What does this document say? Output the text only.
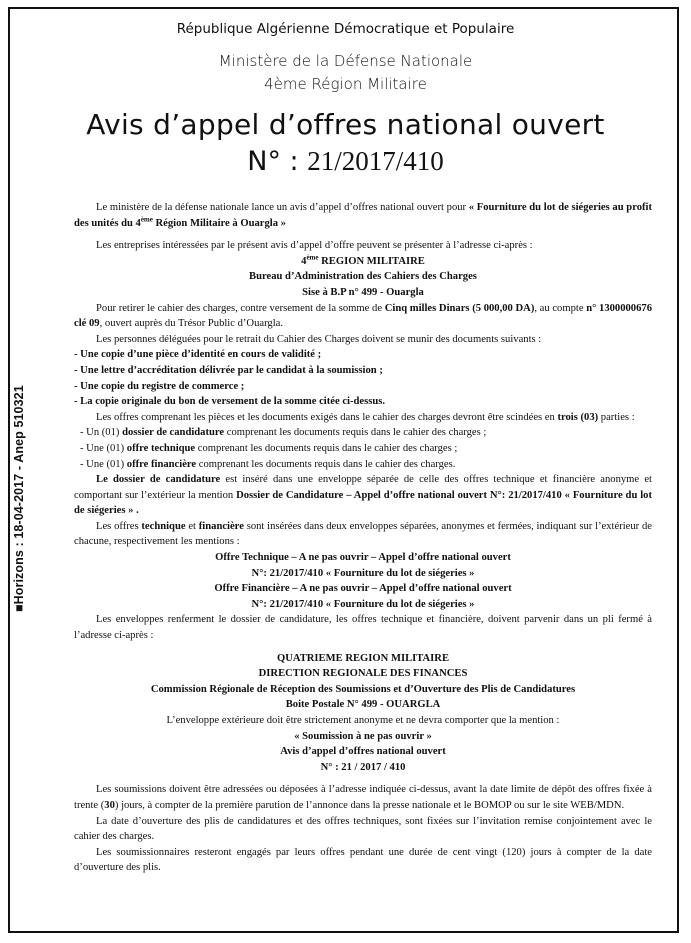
■Horizons : 18-04-2017 - Anep 510321
République Algérienne Démocratique et Populaire
Ministère de la Défense Nationale
4ème Région Militaire
Avis d’appel d’offres national ouvert
N° : 21/2017/410

Le ministère de la défense nationale lance un avis d’appel d’offres national ouvert pour « Fourniture du lot de siégeries au profit des unités du 4ème Région Militaire à Ouargla »

Les entreprises intéressées par le présent avis d’appel d’offre peuvent se présenter à l’adresse ci-après :

4ème REGION MILITAIRE

Bureau d’Administration des Cahiers des Charges

Sise à B.P n° 499 - Ouargla

Pour retirer le cahier des charges, contre versement de la somme de Cinq milles Dinars (5 000,00 DA), au compte n° 1300000676 clé 09, ouvert auprès du Trésor Public d’Ouargla.

Les personnes déléguées pour le retrait du Cahier des Charges doivent se munir des documents suivants :

- Une copie d’une pièce d’identité en cours de validité ;

- Une lettre d’accréditation délivrée par le candidat à la soumission ;

- Une copie du registre de commerce ;

- La copie originale du bon de versement de la somme citée ci-dessus.

Les offres comprenant les pièces et les documents exigés dans le cahier des charges devront être scindées en trois (03) parties :

- Un (01) dossier de candidature comprenant les documents requis dans le cahier des charges ;

- Une (01) offre technique comprenant les documents requis dans le cahier des charges ;

- Une (01) offre financière comprenant les documents requis dans le cahier des charges.

Le dossier de candidature est inséré dans une enveloppe séparée de celle des offres technique et financière anonyme et comportant sur l’extérieur la mention Dossier de Candidature – Appel d’offre national ouvert N°: 21/2017/410 « Fourniture du lot de siégeries » .

Les offres technique et financière sont insérées dans deux enveloppes séparées, anonymes et fermées, indiquant sur l’extérieur de chacune, respectivement les mentions :

Offre Technique – A ne pas ouvrir – Appel d’offre national ouvert

N°: 21/2017/410 « Fourniture du lot de siégeries »

Offre Financière – A ne pas ouvrir – Appel d’offre national ouvert

N°: 21/2017/410 « Fourniture du lot de siégeries »

Les enveloppes renferment le dossier de candidature, les offres technique et financière, doivent parvenir dans un pli fermé à l’adresse ci-après :

QUATRIEME REGION MILITAIRE

DIRECTION REGIONALE DES FINANCES

Commission Régionale de Réception des Soumissions et d’Ouverture des Plis de Candidatures

Boite Postale N° 499 - OUARGLA

L’enveloppe extérieure doit être strictement anonyme et ne devra comporter que la mention :

« Soumission à ne pas ouvrir »

Avis d’appel d’offres national ouvert

N° : 21 / 2017 / 410

Les soumissions doivent être adressées ou déposées à l’adresse indiquée ci-dessus, avant la date limite de dépôt des offres fixée à trente (30) jours, à compter de la première parution de l’annonce dans la presse nationale et le BOMOP ou sur le site WEB/MDN.

La date d’ouverture des plis de candidatures et des offres techniques, sont fixées sur l’invitation remise conjointement avec le cahier des charges.

Les soumissionnaires resteront engagés par leurs offres pendant une durée de cent vingt (120) jours à compter de la date d’ouverture des plis.
